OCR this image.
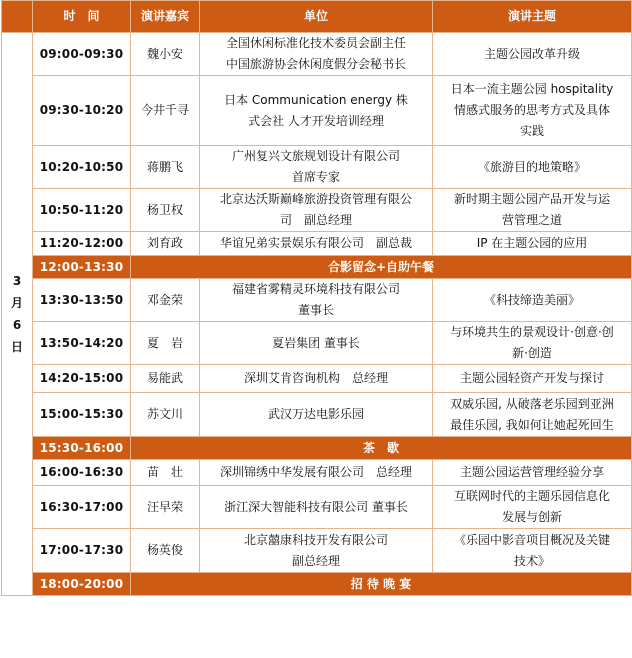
	时　间	演讲嘉宾	单位	演讲主题

3
月
6
日	09:00-09:30	魏小安	全国休闲标准化技术委员会副主任
中国旅游协会休闲度假分会秘书长	主题公园改革升级

	09:30-10:20	今井千寻	日本 Communication energy 株
式会社 人才开发培训经理	日本一流主题公园 hospitality
情感式服务的思考方式及具体
实践

	10:20-10:50	蒋鹏飞	广州复兴文旅规划设计有限公司
首席专家	《旅游目的地策略》

	10:50-11:20	杨卫权	北京达沃斯巅峰旅游投资管理有限公
司　副总经理	新时期主题公园产品开发与运
营管理之道

	11:20-12:00	刘育政	华谊兄弟实景娱乐有限公司　副总裁	IP 在主题公园的应用

	12:00-13:30	合影留念+自助午餐		
	13:30-13:50	邓金荣	福建省雾精灵环境科技有限公司
董事长	《科技缔造美丽》

	13:50-14:20	夏　岩	夏岩集团 董事长	与环境共生的景观设计·创意·创
新·创造

	14:20-15:00	易能武	深圳艾肯咨询机构　总经理	主题公园轻资产开发与探讨

	15:00-15:30	苏文川	武汉万达电影乐园	双威乐园, 从破落老乐园到亚洲
最佳乐园, 我如何让她起死回生

	15:30-16:00	茶　歇		
	16:00-16:30	苗　壮	深圳锦绣中华发展有限公司　总经理	主题公园运营管理经验分享

	16:30-17:00	汪早荣	浙江深大智能科技有限公司 董事长	互联网时代的主题乐园信息化
发展与创新

	17:00-17:30	杨英俊	北京囍康科技开发有限公司
副总经理	《乐园中影音项目概况及关键
技术》

	18:00-20:00	招 待 晚 宴		
